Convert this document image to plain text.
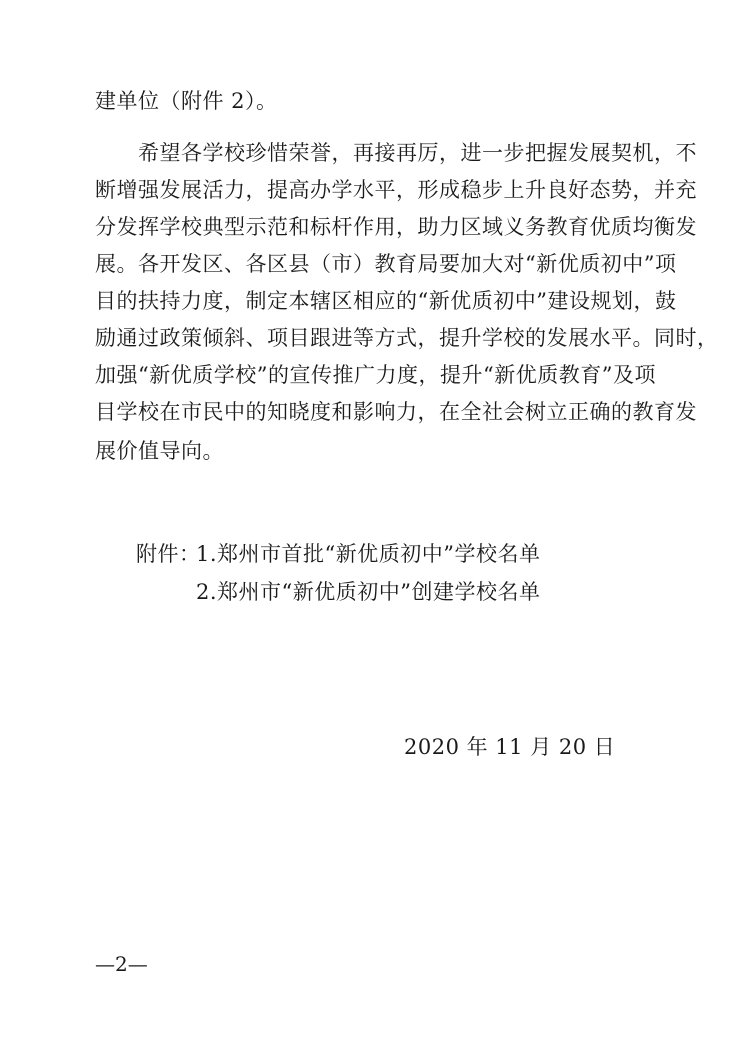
建单位（附件 2）。
　　希望各学校珍惜荣誉，再接再厉，进一步把握发展契机，不
断增强发展活力，提高办学水平，形成稳步上升良好态势，并充
分发挥学校典型示范和标杆作用，助力区域义务教育优质均衡发
展。各开发区、各区县（市）教育局要加大对“新优质初中”项
目的扶持力度，制定本辖区相应的“新优质初中”建设规划，鼓
励通过政策倾斜、项目跟进等方式，提升学校的发展水平。同时，
加强“新优质学校”的宣传推广力度，提升“新优质教育”及项
目学校在市民中的知晓度和影响力，在全社会树立正确的教育发
展价值导向。
附件：
1.郑州市首批“新优质初中”学校名单
2.郑州市“新优质初中”创建学校名单
2020 年 11 月 20 日
—2—
